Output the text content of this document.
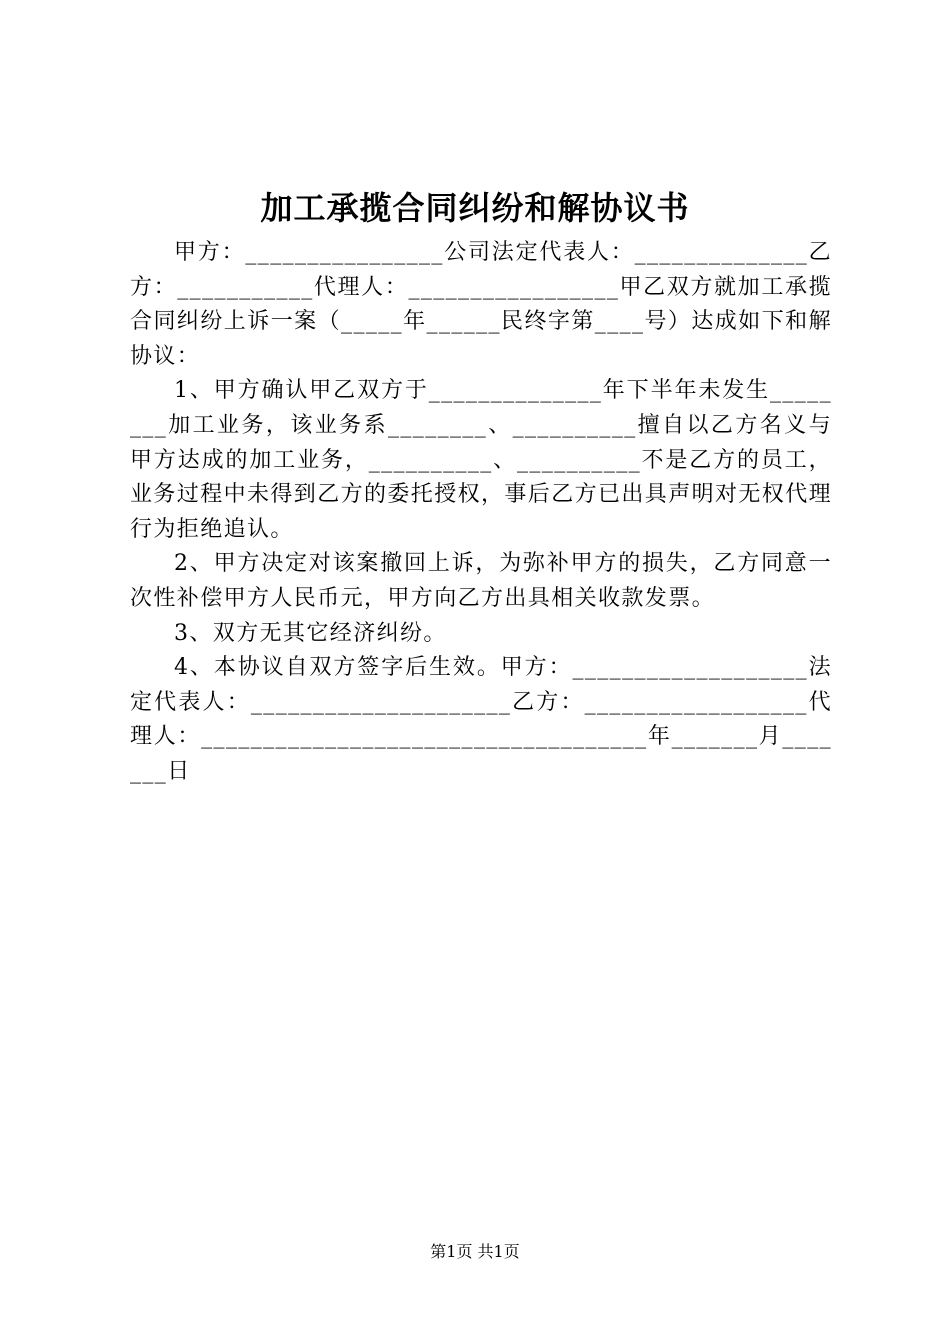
加工承揽合同纠纷和解协议书

甲方：________________公司法定代表人：______________乙方：___________代理人：_________________甲乙双方就加工承揽合同纠纷上诉一案（_____年______民终字第____号）达成如下和解协议：

1、甲方确认甲乙双方于______________年下半年未发生________加工业务，该业务系________、__________擅自以乙方名义与甲方达成的加工业务，__________、__________不是乙方的员工，业务过程中未得到乙方的委托授权，事后乙方已出具声明对无权代理行为拒绝追认。

2、甲方决定对该案撤回上诉，为弥补甲方的损失，乙方同意一次性补偿甲方人民币元，甲方向乙方出具相关收款发票。

3、双方无其它经济纠纷。

4、本协议自双方签字后生效。甲方：___________________法定代表人：_____________________乙方：__________________代理人：____________________________________年_______月_______日

第1页 共1页
